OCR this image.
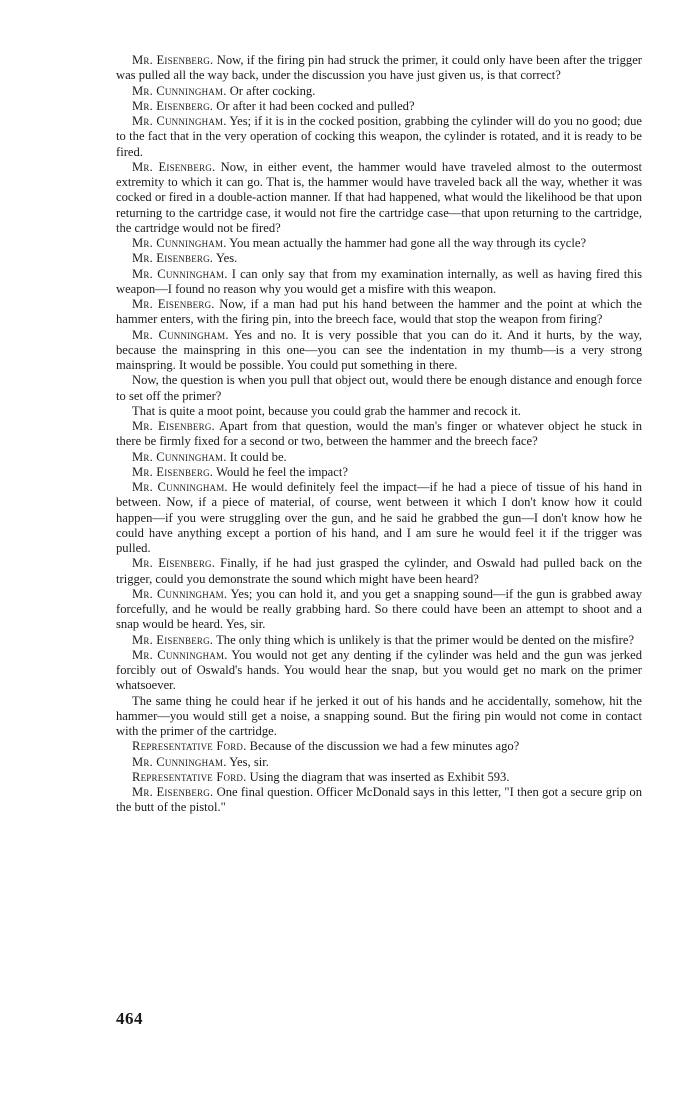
Mr. Eisenberg. Now, if the firing pin had struck the primer, it could only have been after the trigger was pulled all the way back, under the discussion you have just given us, is that correct?

Mr. Cunningham. Or after cocking.

Mr. Eisenberg. Or after it had been cocked and pulled?

Mr. Cunningham. Yes; if it is in the cocked position, grabbing the cylinder will do you no good; due to the fact that in the very operation of cocking this weapon, the cylinder is rotated, and it is ready to be fired.

Mr. Eisenberg. Now, in either event, the hammer would have traveled almost to the outermost extremity to which it can go. That is, the hammer would have traveled back all the way, whether it was cocked or fired in a double-action manner. If that had happened, what would the likelihood be that upon returning to the cartridge case, it would not fire the cartridge case—that upon returning to the cartridge, the cartridge would not be fired?

Mr. Cunningham. You mean actually the hammer had gone all the way through its cycle?

Mr. Eisenberg. Yes.

Mr. Cunningham. I can only say that from my examination internally, as well as having fired this weapon—I found no reason why you would get a misfire with this weapon.

Mr. Eisenberg. Now, if a man had put his hand between the hammer and the point at which the hammer enters, with the firing pin, into the breech face, would that stop the weapon from firing?

Mr. Cunningham. Yes and no. It is very possible that you can do it. And it hurts, by the way, because the mainspring in this one—you can see the indentation in my thumb—is a very strong mainspring. It would be possible. You could put something in there.

Now, the question is when you pull that object out, would there be enough distance and enough force to set off the primer?

That is quite a moot point, because you could grab the hammer and recock it.

Mr. Eisenberg. Apart from that question, would the man's finger or whatever object he stuck in there be firmly fixed for a second or two, between the hammer and the breech face?

Mr. Cunningham. It could be.

Mr. Eisenberg. Would he feel the impact?

Mr. Cunningham. He would definitely feel the impact—if he had a piece of tissue of his hand in between. Now, if a piece of material, of course, went between it which I don't know how it could happen—if you were struggling over the gun, and he said he grabbed the gun—I don't know how he could have anything except a portion of his hand, and I am sure he would feel it if the trigger was pulled.

Mr. Eisenberg. Finally, if he had just grasped the cylinder, and Oswald had pulled back on the trigger, could you demonstrate the sound which might have been heard?

Mr. Cunningham. Yes; you can hold it, and you get a snapping sound—if the gun is grabbed away forcefully, and he would be really grabbing hard. So there could have been an attempt to shoot and a snap would be heard. Yes, sir.

Mr. Eisenberg. The only thing which is unlikely is that the primer would be dented on the misfire?

Mr. Cunningham. You would not get any denting if the cylinder was held and the gun was jerked forcibly out of Oswald's hands. You would hear the snap, but you would get no mark on the primer whatsoever.

The same thing he could hear if he jerked it out of his hands and he accidentally, somehow, hit the hammer—you would still get a noise, a snapping sound. But the firing pin would not come in contact with the primer of the cartridge.

Representative Ford. Because of the discussion we had a few minutes ago?

Mr. Cunningham. Yes, sir.

Representative Ford. Using the diagram that was inserted as Exhibit 593.

Mr. Eisenberg. One final question. Officer McDonald says in this letter, "I then got a secure grip on the butt of the pistol."

464
